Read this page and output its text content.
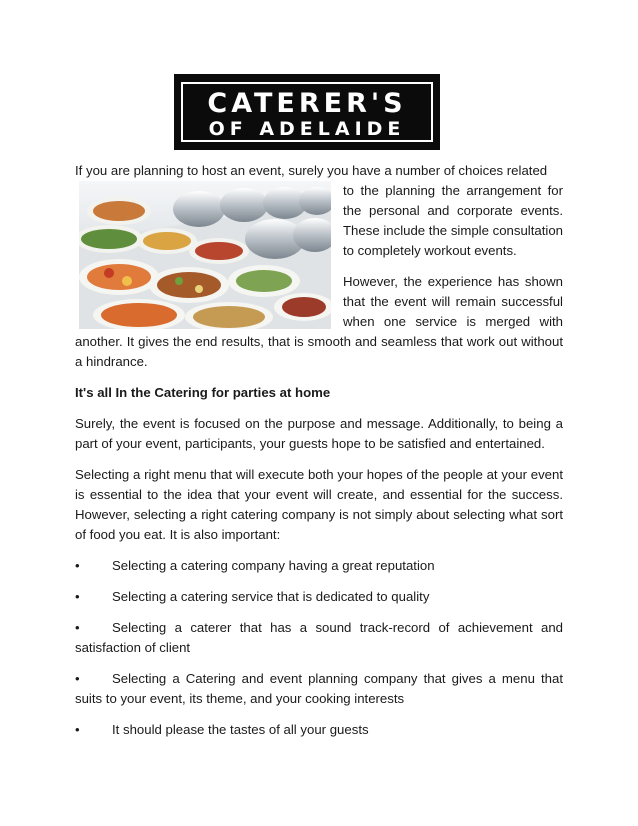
CATERER'S
OF ADELAIDE
If you are planning to host an event, surely you have a number of choices related

to the planning the arrangement for the personal and corporate events. These include the simple consultation to completely workout events.

However, the experience has shown that the event will remain successful when one service is merged with another. It gives the end results, that is smooth and seamless that work out without a hindrance.

It's all In the Catering for parties at home

Surely, the event is focused on the purpose and message. Additionally, to being a part of your event, participants, your guests hope to be satisfied and entertained.

Selecting a right menu that will execute both your hopes of the people at your event is essential to the idea that your event will create, and essential for the success. However, selecting a right catering company is not simply about selecting what sort of food you eat. It is also important:

• Selecting a catering company having a great reputation

• Selecting a catering service that is dedicated to quality

• Selecting a caterer that has a sound track-record of achievement and satisfaction of client

• Selecting a Catering and event planning company that gives a menu that suits to your event, its theme, and your cooking interests

• It should please the tastes of all your guests
